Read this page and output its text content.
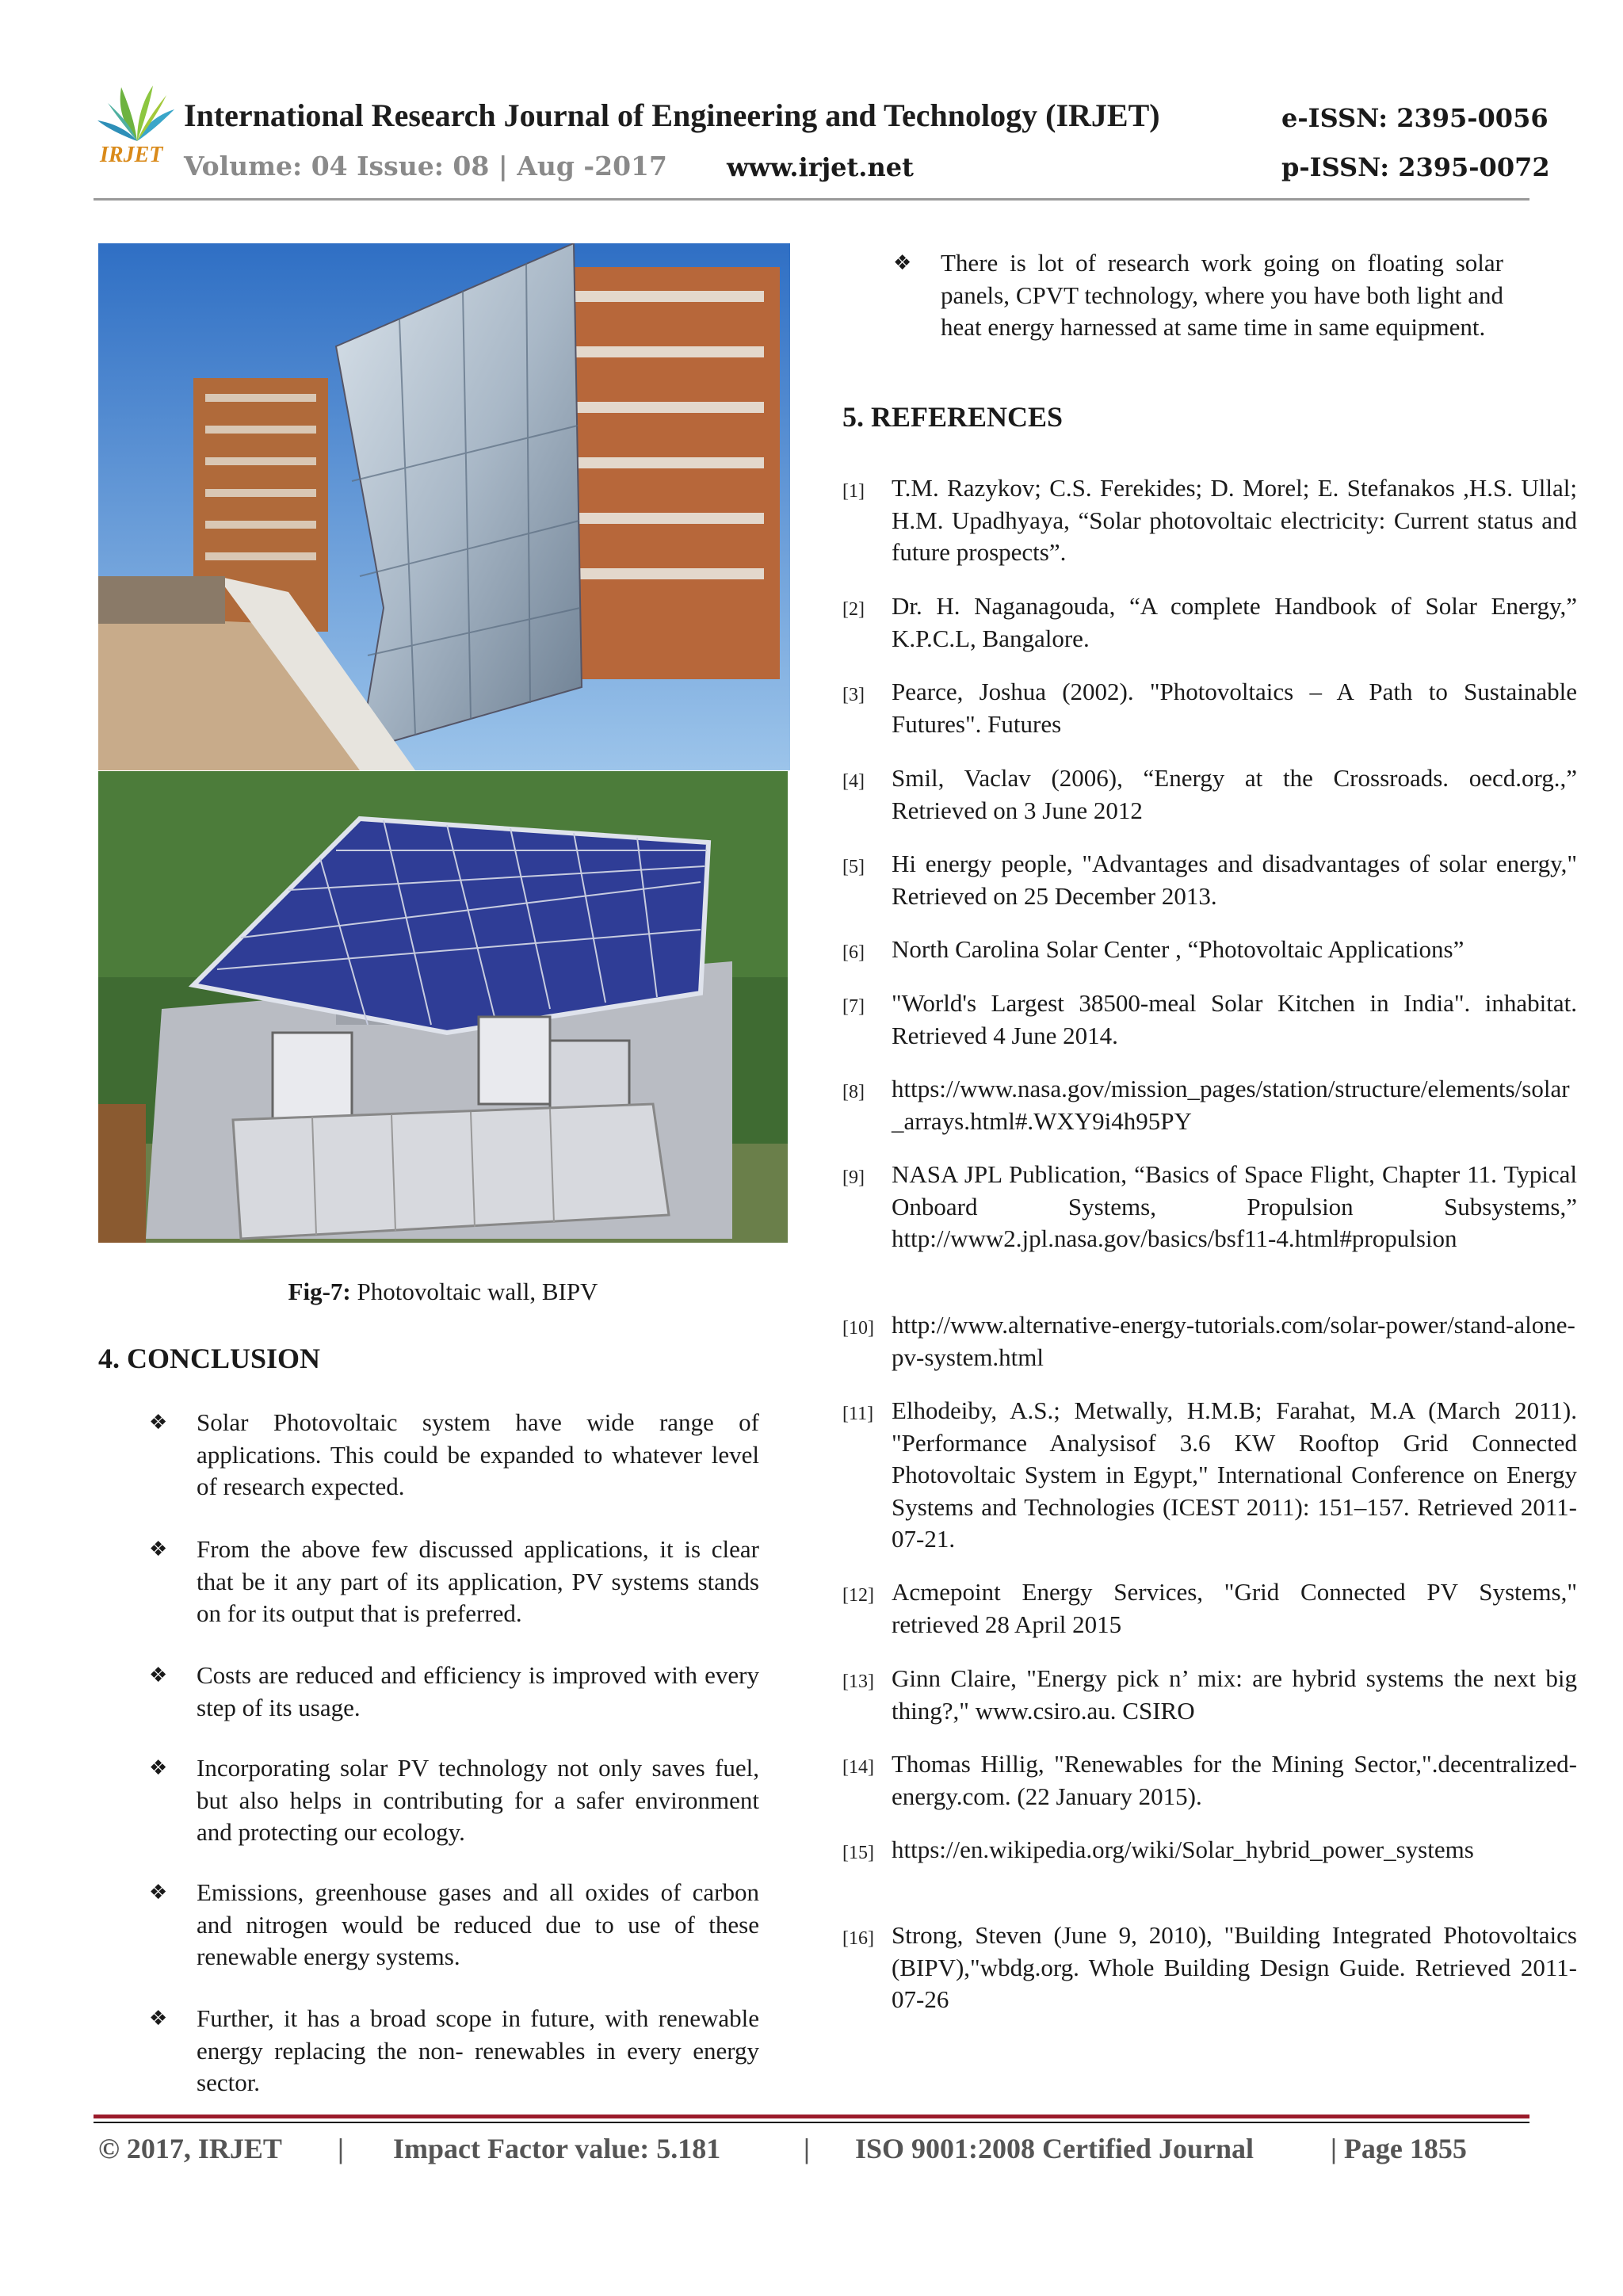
IRJET
International Research Journal of Engineering and Technology (IRJET)	e-ISSN: 2395-0056
Volume: 04 Issue: 08 | Aug -2017 www.irjet.net	p-ISSN: 2395-0072
Fig-7: Photovoltaic wall, BIPV
4. CONCLUSION
❖ Solar Photovoltaic system have wide range of applications. This could be expanded to whatever level of research expected.
❖ From the above few discussed applications, it is clear that be it any part of its application, PV systems stands on for its output that is preferred.
❖ Costs are reduced and efficiency is improved with every step of its usage.
❖ Incorporating solar PV technology not only saves fuel, but also helps in contributing for a safer environment and protecting our ecology.
❖ Emissions, greenhouse gases and all oxides of carbon and nitrogen would be reduced due to use of these renewable energy systems.
❖ Further, it has a broad scope in future, with renewable energy replacing the non- renewables in every energy sector.
❖ There is lot of research work going on floating solar panels, CPVT technology, where you have both light and heat energy harnessed at same time in same equipment.
5. REFERENCES
[1] T.M. Razykov; C.S. Ferekides; D. Morel; E. Stefanakos ,H.S. Ullal; H.M. Upadhyaya, “Solar photovoltaic electricity: Current status and future prospects”.
[2] Dr. H. Naganagouda, “A complete Handbook of Solar Energy,” K.P.C.L, Bangalore.
[3] Pearce, Joshua (2002). "Photovoltaics – A Path to Sustainable Futures". Futures
[4] Smil, Vaclav (2006), “Energy at the Crossroads. oecd.org.,” Retrieved on 3 June 2012
[5] Hi energy people, "Advantages and disadvantages of solar energy," Retrieved on 25 December 2013.
[6] North Carolina Solar Center , “Photovoltaic Applications”
[7] "World's Largest 38500-meal Solar Kitchen in India". inhabitat. Retrieved 4 June 2014.
[8] https://www.nasa.gov/mission_pages/station/structure/elements/solar_arrays.html#.WXY9i4h95PY
[9] NASA JPL Publication, “Basics of Space Flight, Chapter 11. Typical Onboard Systems, Propulsion Subsystems,” http://www2.jpl.nasa.gov/basics/bsf11-4.html#propulsion
[10] http://www.alternative-energy-tutorials.com/solar-power/stand-alone-pv-system.html
[11] Elhodeiby, A.S.; Metwally, H.M.B; Farahat, M.A (March 2011). "Performance Analysisof 3.6 KW Rooftop Grid Connected Photovoltaic System in Egypt," International Conference on Energy Systems and Technologies (ICEST 2011): 151–157. Retrieved 2011-07-21.
[12] Acmepoint Energy Services, "Grid Connected PV Systems," retrieved 28 April 2015
[13] Ginn Claire, "Energy pick n’ mix: are hybrid systems the next big thing?," www.csiro.au. CSIRO
[14] Thomas Hillig, "Renewables for the Mining Sector,".decentralized-energy.com. (22 January 2015).
[15] https://en.wikipedia.org/wiki/Solar_hybrid_power_systems
[16] Strong, Steven (June 9, 2010), "Building Integrated Photovoltaics (BIPV),"wbdg.org. Whole Building Design Guide. Retrieved 2011-07-26
© 2017, IRJET | Impact Factor value: 5.181	| ISO 9001:2008 Certified Journal	| Page 1855
